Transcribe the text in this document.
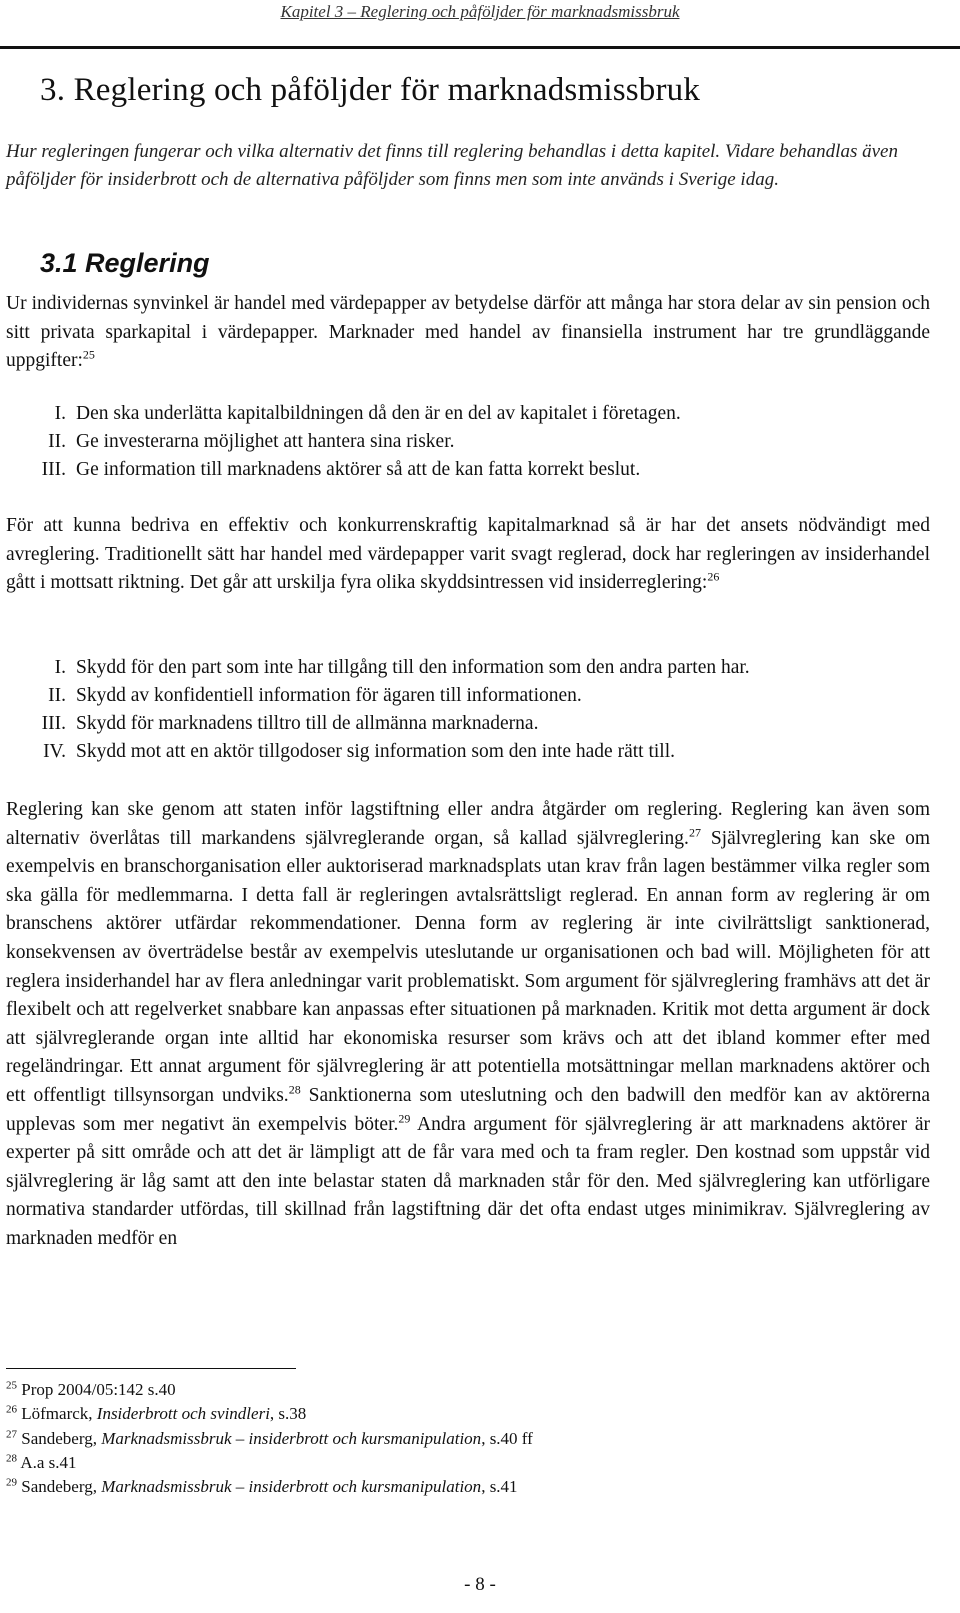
Kapitel 3 – Reglering och påföljder för marknadsmissbruk
3. Reglering och påföljder för marknadsmissbruk

Hur regleringen fungerar och vilka alternativ det finns till reglering behandlas i detta kapitel. Vidare behandlas även påföljder för insiderbrott och de alternativa påföljder som finns men som inte används i Sverige idag.

3.1 Reglering

Ur individernas synvinkel är handel med värdepapper av betydelse därför att många har stora delar av sin pension och sitt privata sparkapital i värdepapper. Marknader med handel av finansiella instrument har tre grundläggande uppgifter:$^{25}$

I. Den ska underlätta kapitalbildningen då den är en del av kapitalet i företagen.
II. Ge investerarna möjlighet att hantera sina risker.
III. Ge information till marknadens aktörer så att de kan fatta korrekt beslut.

För att kunna bedriva en effektiv och konkurrenskraftig kapitalmarknad så är har det ansets nödvändigt med avreglering. Traditionellt sätt har handel med värdepapper varit svagt reglerad, dock har regleringen av insiderhandel gått i mottsatt riktning. Det går att urskilja fyra olika skyddsintressen vid insiderreglering:$^{26}$

I. Skydd för den part som inte har tillgång till den information som den andra parten har.
II. Skydd av konfidentiell information för ägaren till informationen.
III. Skydd för marknadens tilltro till de allmänna marknaderna.
IV. Skydd mot att en aktör tillgodoser sig information som den inte hade rätt till.

Reglering kan ske genom att staten inför lagstiftning eller andra åtgärder om reglering. Reglering kan även som alternativ överlåtas till markandens självreglerande organ, så kallad självreglering.$^{27}$ Självreglering kan ske om exempelvis en branschorganisation eller auktoriserad marknadsplats utan krav från lagen bestämmer vilka regler som ska gälla för medlemmarna. I detta fall är regleringen avtalsrättsligt reglerad. En annan form av reglering är om branschens aktörer utfärdar rekommendationer. Denna form av reglering är inte civilrättsligt sanktionerad, konsekvensen av överträdelse består av exempelvis uteslutande ur organisationen och bad will. Möjligheten för att reglera insiderhandel har av flera anledningar varit problematiskt. Som argument för självreglering framhävs att det är flexibelt och att regelverket snabbare kan anpassas efter situationen på marknaden. Kritik mot detta argument är dock att självreglerande organ inte alltid har ekonomiska resurser som krävs och att det ibland kommer efter med regeländringar. Ett annat argument för självreglering är att potentiella motsättningar mellan marknadens aktörer och ett offentligt tillsynsorgan undviks.$^{28}$ Sanktionerna som uteslutning och den badwill den medför kan av aktörerna upplevas som mer negativt än exempelvis böter.$^{29}$ Andra argument för självreglering är att marknadens aktörer är experter på sitt område och att det är lämpligt att de får vara med och ta fram regler. Den kostnad som uppstår vid självreglering är låg samt att den inte belastar staten då marknaden står för den. Med självreglering kan utförligare normativa standarder utfördas, till skillnad från lagstiftning där det ofta endast utges minimikrav. Självreglering av marknaden medför en

$^{25}$ Prop 2004/05:142 s.40
$^{26}$ Löfmarck, Insiderbrott och svindleri, s.38
$^{27}$ Sandeberg, Marknadsmissbruk – insiderbrott och kursmanipulation, s.40 ff
$^{28}$ A.a s.41
$^{29}$ Sandeberg, Marknadsmissbruk – insiderbrott och kursmanipulation, s.41
- 8 -
